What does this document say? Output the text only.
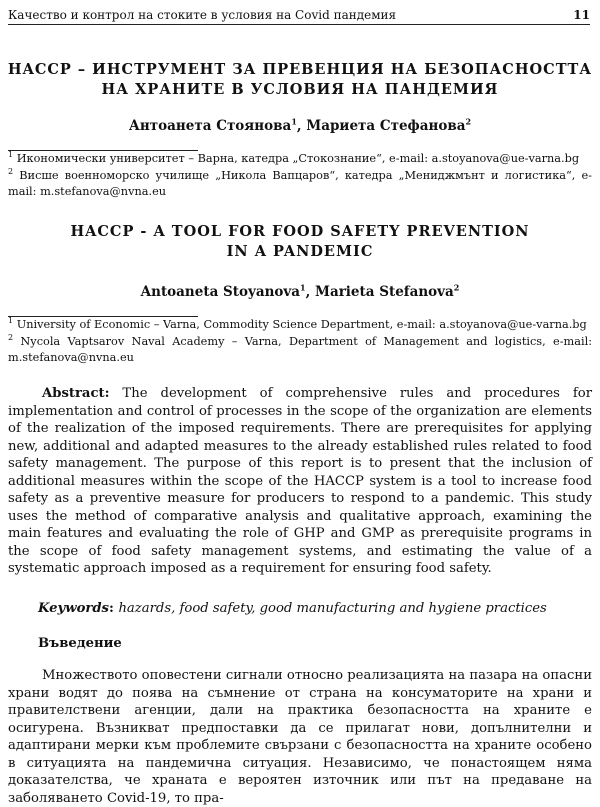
Качество и контрол на стоките в условия на Covid пандемия	11
HACCP – ИНСТРУМЕНТ ЗА ПРЕВЕНЦИЯ НА БЕЗОПАСНОСТТА
НА ХРАНИТЕ В УСЛОВИЯ НА ПАНДЕМИЯ
Антоанета Стоянова$^1$, Мариета Стефанова$^2$
$^1$ Икономически университет – Варна, катедра „Стокознание“, e-mail: a.stoyanova@ue-varna.bg
$^2$ Висше военноморско училище „Никола Вапцаров“, катедра „Мениджмънт и логистика“, e-mail: m.stefanova@nvna.eu
HACCP - A TOOL FOR FOOD SAFETY PREVENTION
IN A PANDEMIC
Antoaneta Stoyanova$^1$, Marieta Stefanova$^2$
$^1$ University of Economic – Varna, Commodity Science Department, e-mail: a.stoyanova@ue-varna.bg
$^2$ Nycola Vaptsarov Naval Academy – Varna, Department of Management and logistics, e-mail: m.stefanova@nvna.eu
Abstract: The development of comprehensive rules and procedures for implementation and control of processes in the scope of the organization are elements of the realization of the imposed requirements. There are prerequisites for applying new, additional and adapted measures to the already established rules related to food safety management. The purpose of this report is to present that the inclusion of additional measures within the scope of the HACCP system is a tool to increase food safety as a preventive measure for producers to respond to a pandemic. This study uses the method of comparative analysis and qualitative approach, examining the main features and evaluating the role of GHP and GMP as prerequisite programs in the scope of food safety management systems, and estimating the value of a systematic approach imposed as a requirement for ensuring food safety.
Keywords: hazards, food safety, good manufacturing and hygiene practices
Въведение
Множеството оповестени сигнали относно реализацията на пазара на опасни храни водят до поява на съмнение от страна на консуматорите на храни и правителствени агенции, дали на практика безопасността на храните е осигурена. Възникват предпоставки да се прилагат нови, допълнителни и адаптирани мерки към проблемите свързани с безопасността на храните особено в ситуацията на пандемична ситуация. Независимо, че понастоящем няма доказателства, че храната е вероятен източник или път на предаване на заболяването Covid-19, то пра-
